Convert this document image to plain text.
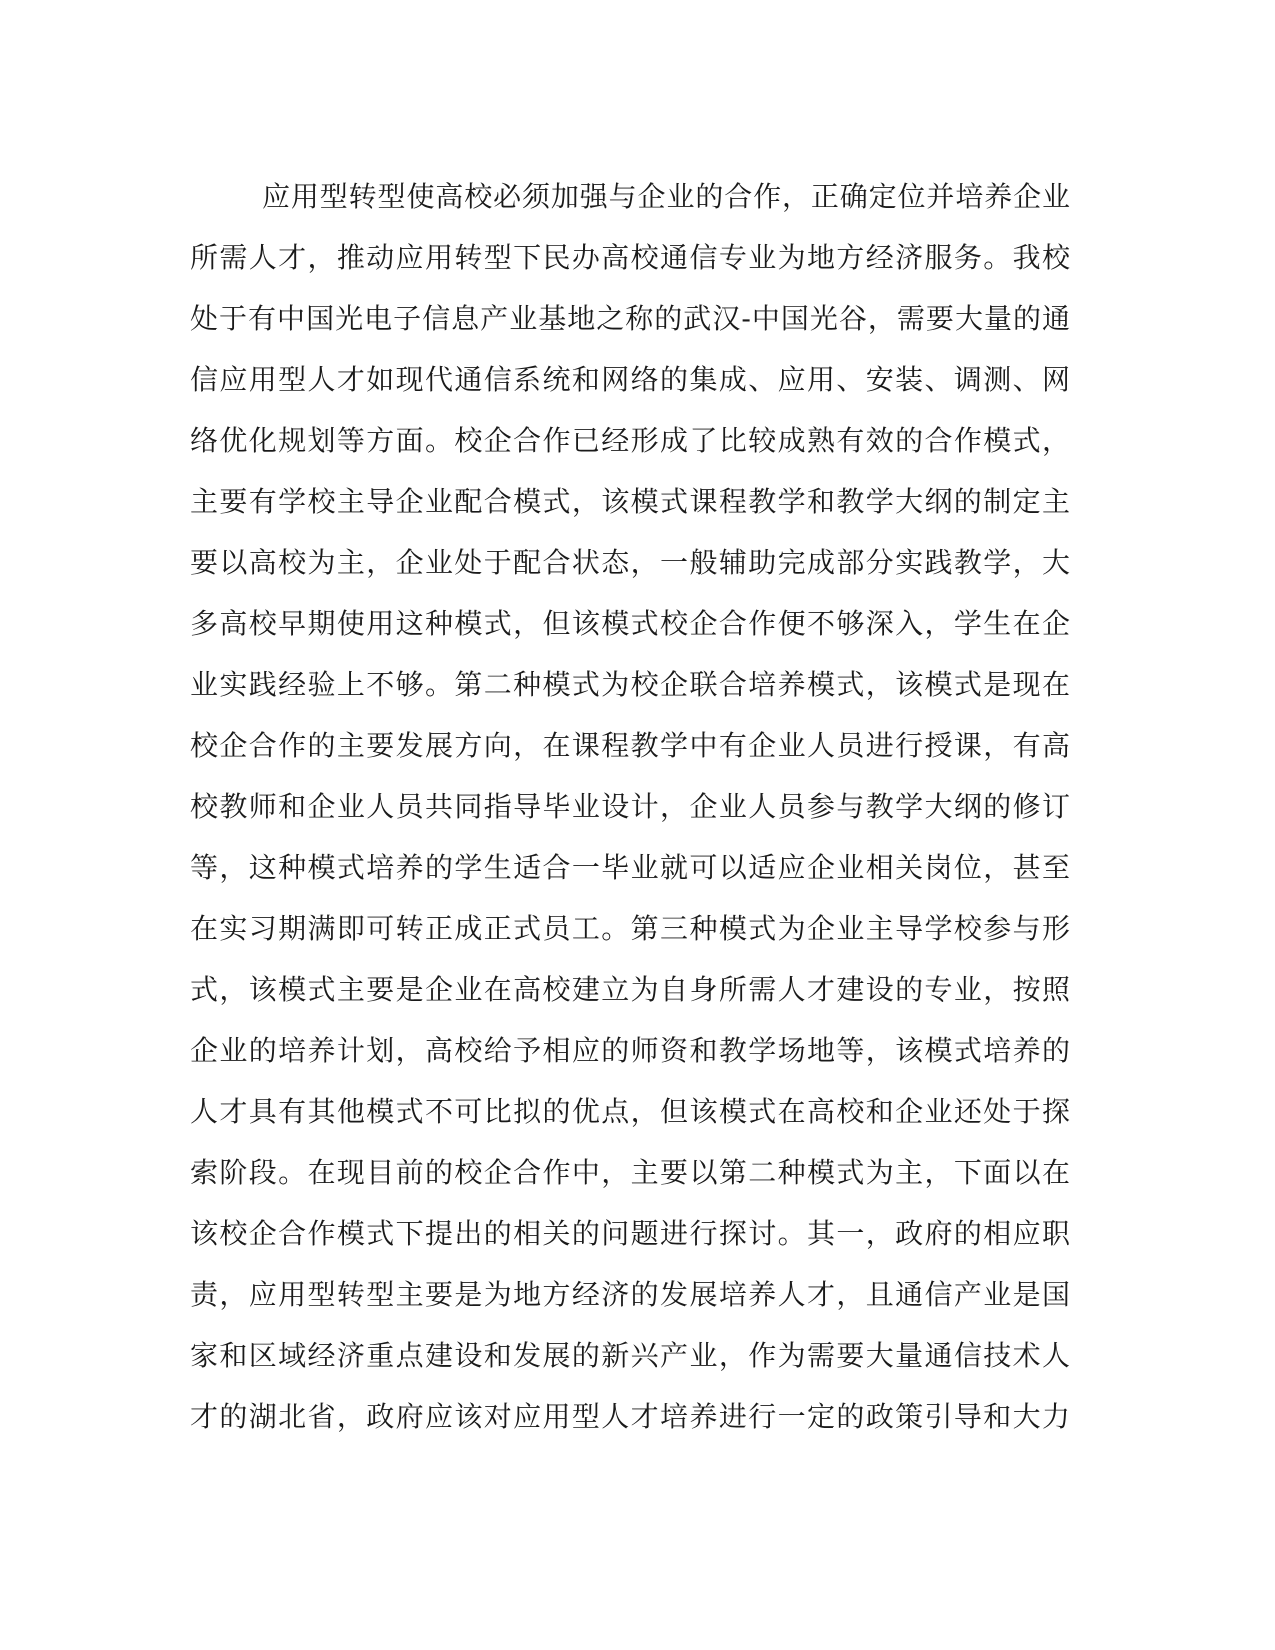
应用型转型使高校必须加强与企业的合作，正确定位并培养企业
所需人才，推动应用转型下民办高校通信专业为地方经济服务。我校
处于有中国光电子信息产业基地之称的武汉-中国光谷，需要大量的通
信应用型人才如现代通信系统和网络的集成、应用、安装、调测、网
络优化规划等方面。校企合作已经形成了比较成熟有效的合作模式，
主要有学校主导企业配合模式，该模式课程教学和教学大纲的制定主
要以高校为主，企业处于配合状态，一般辅助完成部分实践教学，大
多高校早期使用这种模式，但该模式校企合作便不够深入，学生在企
业实践经验上不够。第二种模式为校企联合培养模式，该模式是现在
校企合作的主要发展方向，在课程教学中有企业人员进行授课，有高
校教师和企业人员共同指导毕业设计，企业人员参与教学大纲的修订
等，这种模式培养的学生适合一毕业就可以适应企业相关岗位，甚至
在实习期满即可转正成正式员工。第三种模式为企业主导学校参与形
式，该模式主要是企业在高校建立为自身所需人才建设的专业，按照
企业的培养计划，高校给予相应的师资和教学场地等，该模式培养的
人才具有其他模式不可比拟的优点，但该模式在高校和企业还处于探
索阶段。在现目前的校企合作中，主要以第二种模式为主，下面以在
该校企合作模式下提出的相关的问题进行探讨。其一，政府的相应职
责，应用型转型主要是为地方经济的发展培养人才，且通信产业是国
家和区域经济重点建设和发展的新兴产业，作为需要大量通信技术人
才的湖北省，政府应该对应用型人才培养进行一定的政策引导和大力
